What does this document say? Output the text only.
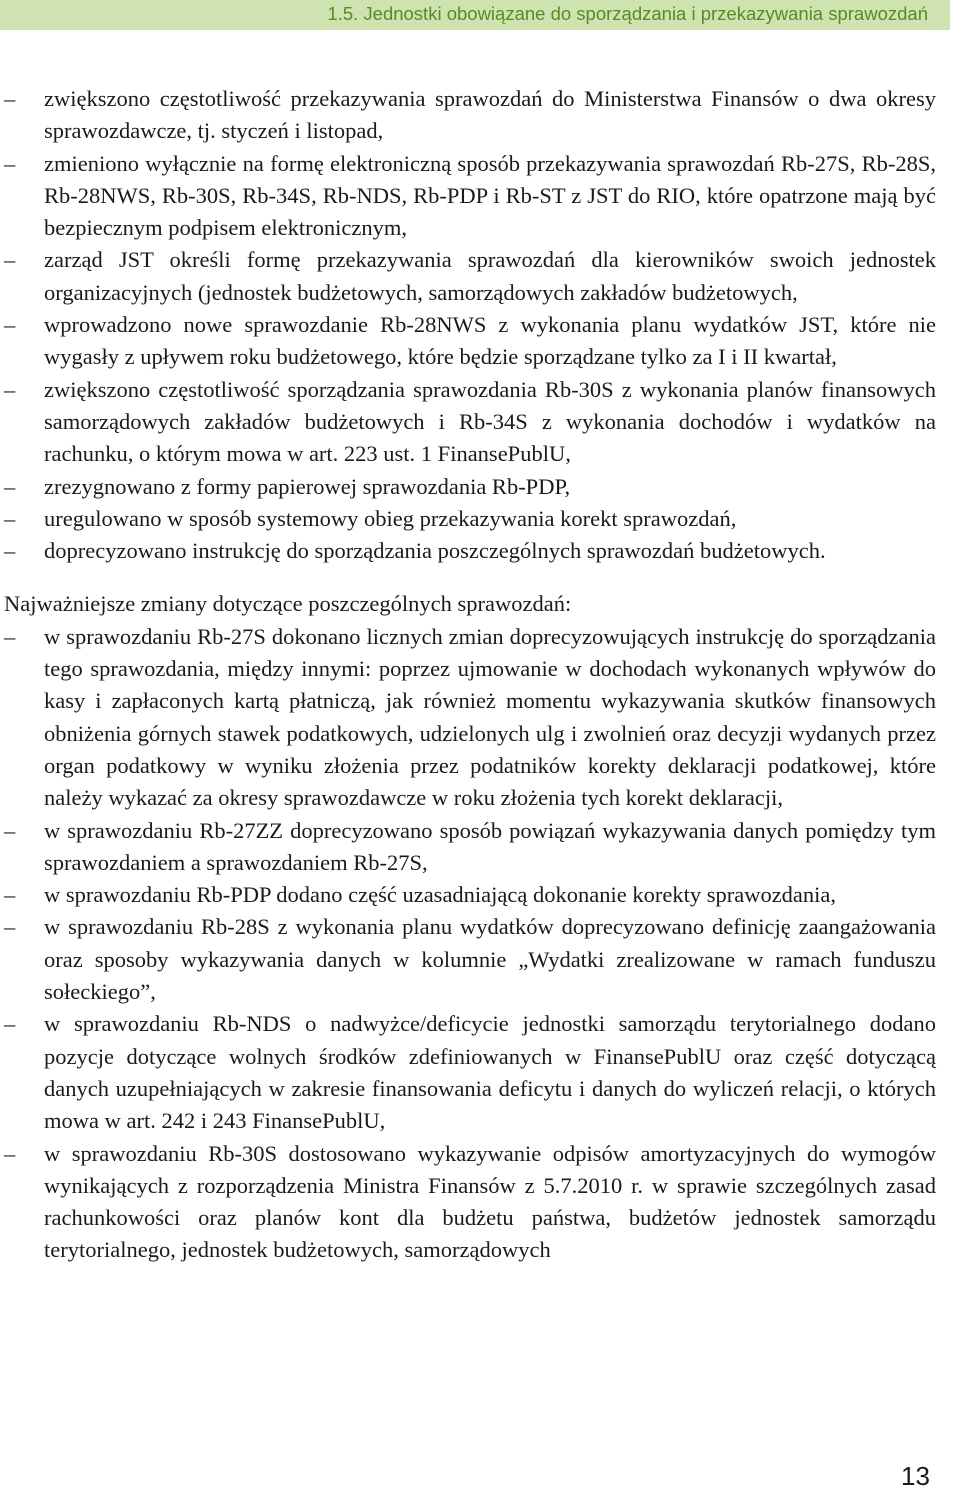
1.5. Jednostki obowiązane do sporządzania i przekazywania sprawozdań
– zwiększono częstotliwość przekazywania sprawozdań do Ministerstwa Finansów o dwa okresy sprawozdawcze, tj. styczeń i listopad,
– zmieniono wyłącznie na formę elektroniczną sposób przekazywania sprawozdań Rb-27S, Rb-28S, Rb-28NWS, Rb-30S, Rb-34S, Rb-NDS, Rb-PDP i Rb-ST z JST do RIO, które opatrzone mają być bezpiecznym podpisem elektronicznym,
– zarząd JST określi formę przekazywania sprawozdań dla kierowników swoich jednostek organizacyjnych (jednostek budżetowych, samorządowych zakładów budżetowych,
– wprowadzono nowe sprawozdanie Rb-28NWS z wykonania planu wydatków JST, które nie wygasły z upływem roku budżetowego, które będzie sporządzane tylko za I i II kwartał,
– zwiększono częstotliwość sporządzania sprawozdania Rb-30S z wykonania planów finansowych samorządowych zakładów budżetowych i Rb-34S z wykonania dochodów i wydatków na rachunku, o którym mowa w art. 223 ust. 1 FinansePublU,
– zrezygnowano z formy papierowej sprawozdania Rb-PDP,
– uregulowano w sposób systemowy obieg przekazywania korekt sprawozdań,
– doprecyzowano instrukcję do sporządzania poszczególnych sprawozdań budżetowych.

Najważniejsze zmiany dotyczące poszczególnych sprawozdań:

– w sprawozdaniu Rb-27S dokonano licznych zmian doprecyzowujących instrukcję do sporządzania tego sprawozdania, między innymi: poprzez ujmowanie w dochodach wykonanych wpływów do kasy i zapłaconych kartą płatniczą, jak również momentu wykazywania skutków finansowych obniżenia górnych stawek podatkowych, udzielonych ulg i zwolnień oraz decyzji wydanych przez organ podatkowy w wyniku złożenia przez podatników korekty deklaracji podatkowej, które należy wykazać za okresy sprawozdawcze w roku złożenia tych korekt deklaracji,
– w sprawozdaniu Rb-27ZZ doprecyzowano sposób powiązań wykazywania danych pomiędzy tym sprawozdaniem a sprawozdaniem Rb-27S,
– w sprawozdaniu Rb-PDP dodano część uzasadniającą dokonanie korekty sprawozdania,
– w sprawozdaniu Rb-28S z wykonania planu wydatków doprecyzowano definicję zaangażowania oraz sposoby wykazywania danych w kolumnie „Wydatki zrealizowane w ramach funduszu sołeckiego”,
– w sprawozdaniu Rb-NDS o nadwyżce/deficycie jednostki samorządu terytorialnego dodano pozycje dotyczące wolnych środków zdefiniowanych w FinansePublU oraz część dotyczącą danych uzupełniających w zakresie finansowania deficytu i danych do wyliczeń relacji, o których mowa w art. 242 i 243 FinansePublU,
– w sprawozdaniu Rb-30S dostosowano wykazywanie odpisów amortyzacyjnych do wymogów wynikających z rozporządzenia Ministra Finansów z 5.7.2010 r. w sprawie szczególnych zasad rachunkowości oraz planów kont dla budżetu państwa, budżetów jednostek samorządu terytorialnego, jednostek budżetowych, samorządowych
13
